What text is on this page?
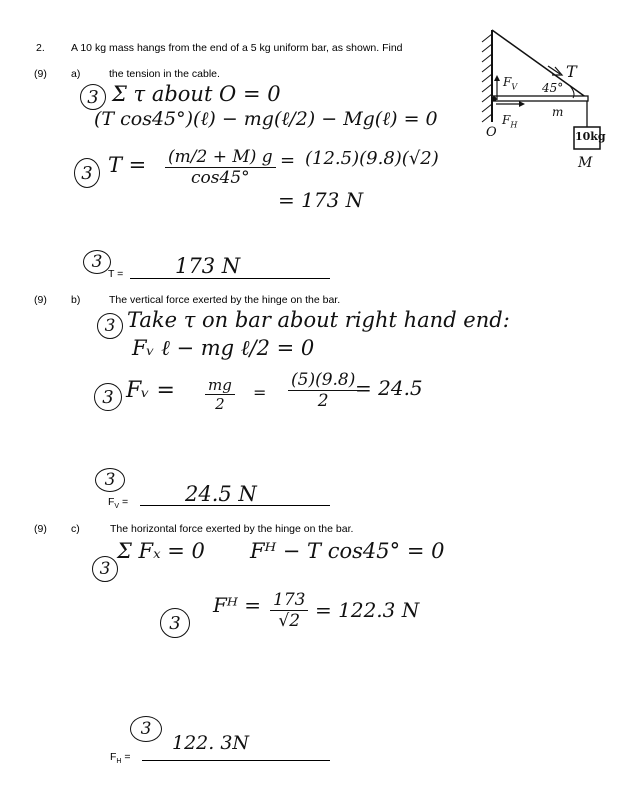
2. A 10 kg mass hangs from the end of a 5 kg uniform bar, as shown. Find
T
45°
$F_V$
$F_H$
O
m
10kg
M
(9) a)	the tension in the cable.
3 Σ τ about O = 0
(T cos45°)(ℓ) − mg(ℓ/2) − Mg(ℓ) = 0
3 $T = \frac{(m/2 + M) g}{\cos 45^\circ} = (12.5)(9.8)(√2)$
= 173 N
3
T = 173 N
(9) b)	The vertical force exerted by the hinge on the bar.
3 Take τ on bar about right hand end:
Fᵥ ℓ − mg ℓ/2 = 0
3 Fᵥ = $\frac{mg}{2} = \frac{(5)(9.8)}{2}$
= 24.5
3
$F_V$ =	24.5 N
(9) c)	The horizontal force exerted by the hinge on the bar.
3
Σ Fₓ = 0 Fᴴ − T cos45° = 0
3
Fᴴ = $\frac{173}{√2} = 122.3$ N
3
$F_H$ =
122. 3N
